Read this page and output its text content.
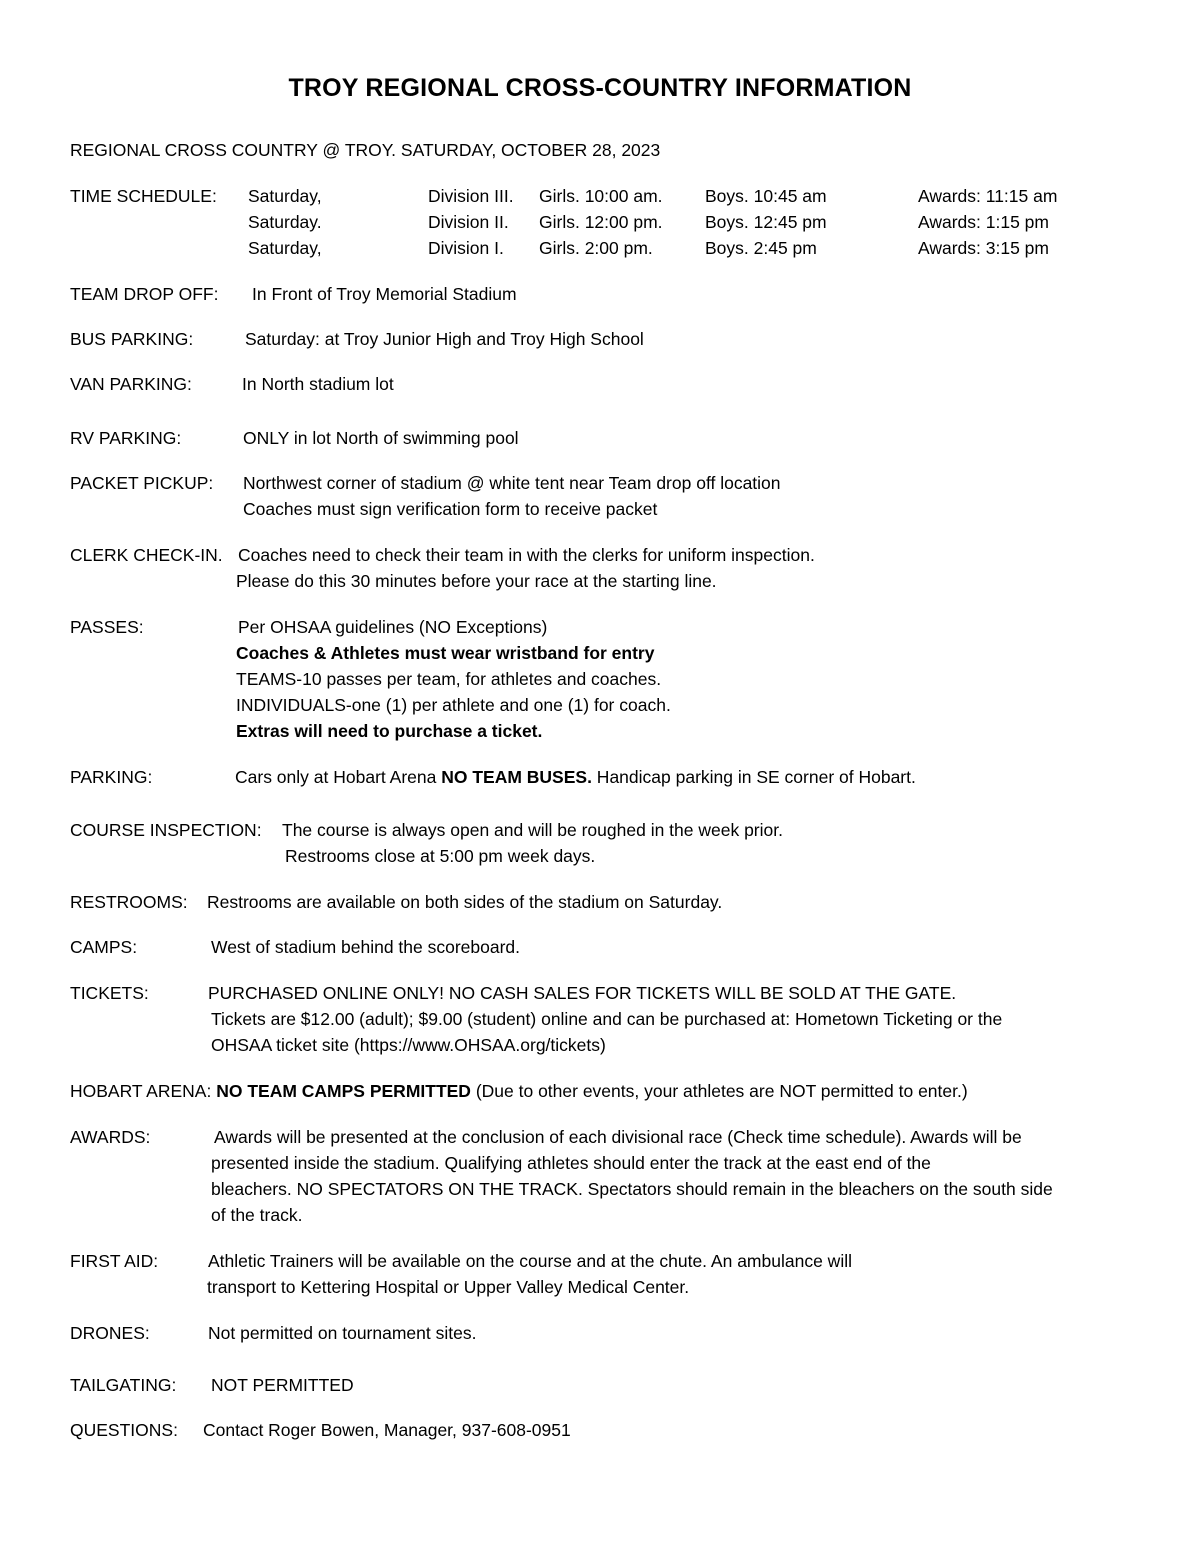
TROY REGIONAL CROSS-COUNTRY INFORMATION
REGIONAL CROSS COUNTRY @ TROY. SATURDAY, OCTOBER 28, 2023
TIME SCHEDULE: Saturday,	Division III. Girls. 10:00 am. Boys. 10:45 am	Awards: 11:15 am
Saturday.	Division II. Girls. 12:00 pm. Boys. 12:45 pm	Awards: 1:15 pm
Saturday,	Division I. Girls. 2:00 pm.	Boys. 2:45 pm	Awards: 3:15 pm
TEAM DROP OFF: In Front of Troy Memorial Stadium
BUS PARKING:	Saturday: at Troy Junior High and Troy High School
VAN PARKING:	In North stadium lot
RV PARKING:	ONLY in lot North of swimming pool
PACKET PICKUP: Northwest corner of stadium @ white tent near Team drop off location
Coaches must sign verification form to receive packet
CLERK CHECK-IN. Coaches need to check their team in with the clerks for uniform inspection.
Please do this 30 minutes before your race at the starting line.
PASSES:	Per OHSAA guidelines (NO Exceptions)
Coaches & Athletes must wear wristband for entry
TEAMS-10 passes per team, for athletes and coaches.
INDIVIDUALS-one (1) per athlete and one (1) for coach.
Extras will need to purchase a ticket.
PARKING:	Cars only at Hobart Arena NO TEAM BUSES. Handicap parking in SE corner of Hobart.
COURSE INSPECTION: The course is always open and will be roughed in the week prior.
Restrooms close at 5:00 pm week days.
RESTROOMS: Restrooms are available on both sides of the stadium on Saturday.
CAMPS:	West of stadium behind the scoreboard.
TICKETS:	PURCHASED ONLINE ONLY! NO CASH SALES FOR TICKETS WILL BE SOLD AT THE GATE.
Tickets are $12.00 (adult); $9.00 (student) online and can be purchased at: Hometown Ticketing or the
OHSAA ticket site (https://www.OHSAA.org/tickets)
HOBART ARENA: NO TEAM CAMPS PERMITTED (Due to other events, your athletes are NOT permitted to enter.)
AWARDS:	Awards will be presented at the conclusion of each divisional race (Check time schedule). Awards will be
presented inside the stadium. Qualifying athletes should enter the track at the east end of the
bleachers. NO SPECTATORS ON THE TRACK. Spectators should remain in the bleachers on the south side
of the track.
FIRST AID:	Athletic Trainers will be available on the course and at the chute. An ambulance will
transport to Kettering Hospital or Upper Valley Medical Center.
DRONES:	Not permitted on tournament sites.
TAILGATING: NOT PERMITTED
QUESTIONS: Contact Roger Bowen, Manager, 937-608-0951
